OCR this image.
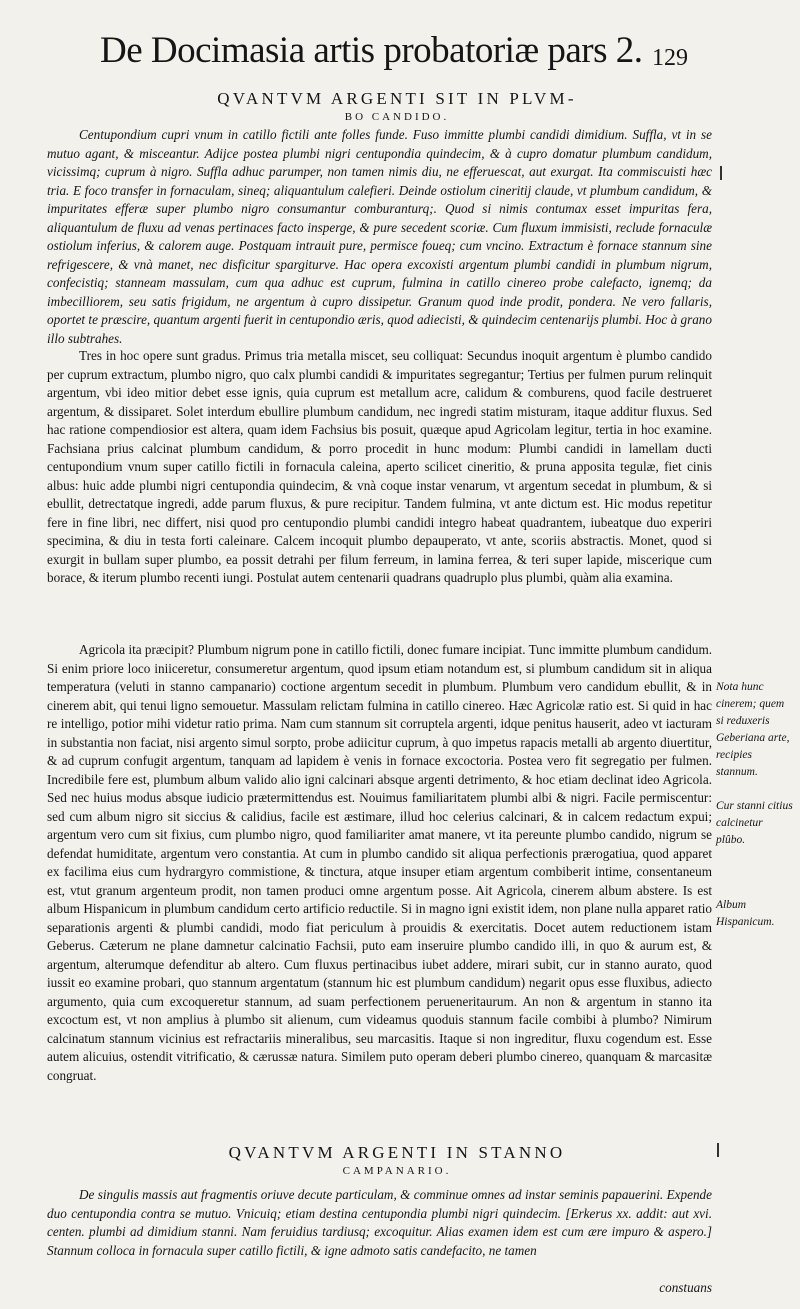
De Docimasia artis probatoriæ pars 2. 129
QVANTVM ARGENTI SIT IN PLVM-
BO CANDIDO.

Centupondium cupri vnum in catillo fictili ante folles funde. Fuso immitte plumbi candidi dimidium. Suffla, vt in se mutuo agant, & misceantur. Adijce postea plumbi nigri centupondia quindecim, & à cupro domatur plumbum candidum, vicissimq; cuprum à nigro. Suffla adhuc parumper, non tamen nimis diu, ne efferuescat, aut exurgat. Ita commiscuisti hæc tria. E foco transfer in fornaculam, sineq; aliquantulum calefieri. Deinde ostiolum cineritij claude, vt plumbum candidum, & impuritates efferæ super plumbo nigro consumantur comburanturq;. Quod si nimis contumax esset impuritas fera, aliquantulum de fluxu ad venas pertinaces facto insperge, & pure secedent scoriæ. Cum fluxum immisisti, reclude fornaculæ ostiolum inferius, & calorem auge. Postquam intrauit pure, permisce foueq; cum vncino. Extractum è fornace stannum sine refrigescere, & vnà manet, nec disficitur spargiturve. Hac opera excoxisti argentum plumbi candidi in plumbum nigrum, confecistiq; stanneam massulam, cum qua adhuc est cuprum, fulmina in catillo cinereo probe calefacto, ignemq; da imbecilliorem, seu satis frigidum, ne argentum à cupro dissipetur. Granum quod inde prodit, pondera. Ne vero fallaris, oportet te præscire, quantum argenti fuerit in centupondio æris, quod adiecisti, & quindecim centenarijs plumbi. Hoc à grano illo subtrahes.

Tres in hoc opere sunt gradus. Primus tria metalla miscet, seu colliquat: Secundus inoquit argentum è plumbo candido per cuprum extractum, plumbo nigro, quo calx plumbi candidi & impuritates segregantur; Tertius per fulmen purum relinquit argentum, vbi ideo mitior debet esse ignis, quia cuprum est metallum acre, calidum & comburens, quod facile destrueret argentum, & dissiparet. Solet interdum ebullire plumbum candidum, nec ingredi statim misturam, itaque additur fluxus. Sed hac ratione compendiosior est altera, quam idem Fachsius bis posuit, quæque apud Agricolam legitur, tertia in hoc examine. Fachsiana prius calcinat plumbum candidum, & porro procedit in hunc modum: Plumbi candidi in lamellam ducti centupondium vnum super catillo fictili in fornacula caleina, aperto scilicet cineritio, & pruna apposita tegulæ, fiet cinis albus: huic adde plumbi nigri centupondia quindecim, & vnà coque instar venarum, vt argentum secedat in plumbum, & si ebullit, detrectatque ingredi, adde parum fluxus, & pure recipitur. Tandem fulmina, vt ante dictum est. Hic modus repetitur fere in fine libri, nec differt, nisi quod pro centupondio plumbi candidi integro habeat quadrantem, iubeatque duo experiri specimina, & diu in testa forti caleinare. Calcem incoquit plumbo depauperato, vt ante, scoriis abstractis. Monet, quod si exurgit in bullam super plumbo, ea possit detrahi per filum ferreum, in lamina ferrea, & teri super lapide, miscerique cum borace, & iterum plumbo recenti iungi. Postulat autem centenarii quadrans quadruplo plus plumbi, quàm alia examina.

Agricola ita præcipit? Plumbum nigrum pone in catillo fictili, donec fumare incipiat. Tunc immitte plumbum candidum. Si enim priore loco iniiceretur, consumeretur argentum, quod ipsum etiam notandum est, si plumbum candidum sit in aliqua temperatura (veluti in stanno campanario) coctione argentum secedit in plumbum. Plumbum vero candidum ebullit, & in cinerem abit, qui tenui ligno semouetur. Massulam relictam fulmina in catillo cinereo. Hæc Agricolæ ratio est. Si quid in hac re intelligo, potior mihi videtur ratio prima. Nam cum stannum sit corruptela argenti, idque penitus hauserit, adeo vt iacturam in substantia non faciat, nisi argento simul sorpto, probe adiicitur cuprum, à quo impetus rapacis metalli ab argento diuertitur, & ad cuprum confugit argentum, tanquam ad lapidem è venis in fornace excoctoria. Postea vero fit segregatio per fulmen. Incredibile fere est, plumbum album valido alio igni calcinari absque argenti detrimento, & hoc etiam declinat ideo Agricola. Sed nec huius modus absque iudicio prætermittendus est. Nouimus familiaritatem plumbi albi & nigri. Facile permiscentur: sed cum album nigro sit siccius & calidius, facile est æstimare, illud hoc celerius calcinari, & in calcem redactum expui; argentum vero cum sit fixius, cum plumbo nigro, quod familiariter amat manere, vt ita pereunte plumbo candido, nigrum se defendat humiditate, argentum vero constantia. At cum in plumbo candido sit aliqua perfectionis prærogatiua, quod apparet ex facilima eius cum hydrargyro commistione, & tinctura, atque insuper etiam argentum combiberit intime, consentaneum est, vtut granum argenteum prodit, non tamen produci omne argentum posse. Ait Agricola, cinerem album abstere. Is est album Hispanicum in plumbum candidum certo artificio reductile. Si in magno igni existit idem, non plane nulla apparet ratio separationis argenti & plumbi candidi, modo fiat periculum à prouidis & exercitatis. Docet autem reductionem istam Geberus. Cæterum ne plane damnetur calcinatio Fachsii, puto eam inseruire plumbo candido illi, in quo & aurum est, & argentum, alterumque defenditur ab altero. Cum fluxus pertinacibus iubet addere, mirari subit, cur in stanno aurato, quod iussit eo examine probari, quo stannum argentatum (stannum hic est plumbum candidum) negarit opus esse fluxibus, adiecto argumento, quia cum excoqueretur stannum, ad suam perfectionem perueneritaurum. An non & argentum in stanno ita excoctum est, vt non amplius à plumbo sit alienum, cum videamus quoduis stannum facile combibi à plumbo? Nimirum calcinatum stannum vicinius est refractariis mineralibus, seu marcasitis. Itaque si non ingreditur, fluxu cogendum est. Esse autem alicuius, ostendit vitrificatio, & cærussæ natura. Similem puto operam deberi plumbo cinereo, quanquam & marcasitæ congruat.

Nota hunc cinerem; quem si reduxeris Geberiana arte, recipies stannum.
Cur stanni citius calcinetur plûbo.
Album Hispanicum.
QVANTVM ARGENTI IN STANNO
CAMPANARIO.

De singulis massis aut fragmentis oriuve decute particulam, & comminue omnes ad instar seminis papauerini. Expende duo centupondia contra se mutuo. Vnicuiq; etiam destina centupondia plumbi nigri quindecim. [Erkerus xx. addit: aut xvi. centen. plumbi ad dimidium stanni. Nam feruidius tardiusq; excoquitur. Alias examen idem est cum ære impuro & aspero.] Stannum colloca in fornacula super catillo fictili, & igne admoto satis candefacito, ne tamen

constuans
